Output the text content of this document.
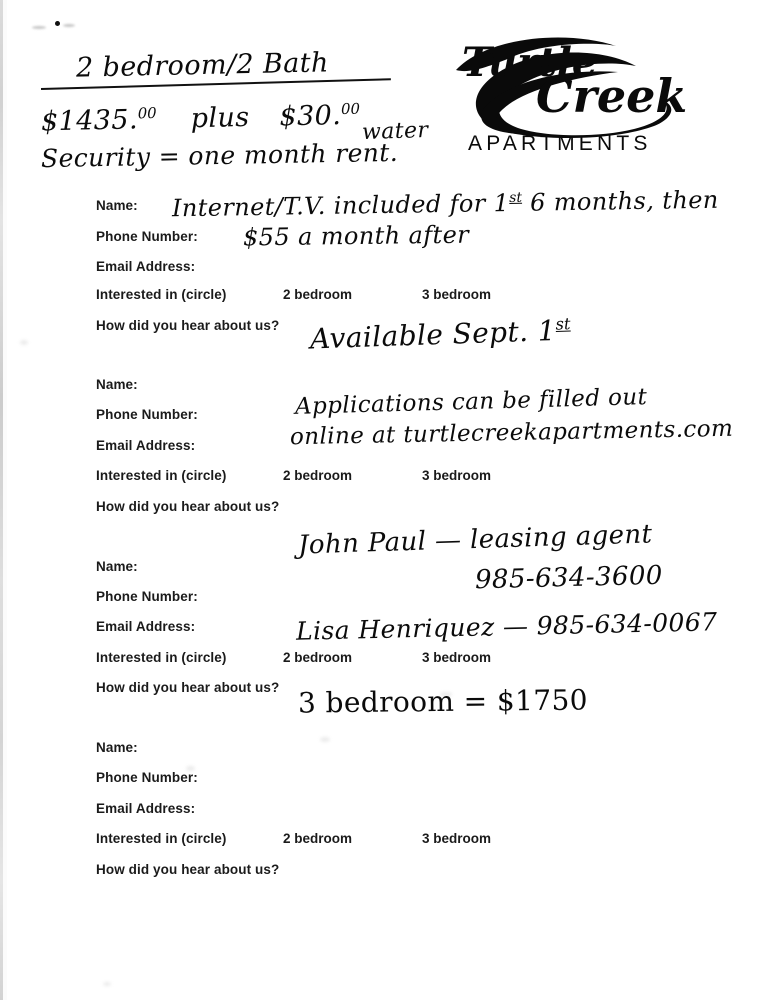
Turtle
Creek
APARTMENTS
2 bedroom/2 Bath
$1435.00 plus $30.00
water
Security = one month rent.
Internet/T.V. included for 1st 6 months, then
$55 a month after
Available Sept. 1st
Applications can be filled out
online at turtlecreekapartments.com
John Paul — leasing agent
985-634-3600
Lisa Henriquez — 985-634-0067
3 bedroom = $1750
Name:
Phone Number:
Email Address:
Interested in (circle)	2 bedroom	3 bedroom
How did you hear about us?
Name:
Phone Number:
Email Address:
Interested in (circle)	2 bedroom	3 bedroom
How did you hear about us?
Name:
Phone Number:
Email Address:
Interested in (circle)	2 bedroom	3 bedroom
How did you hear about us?
Name:
Phone Number:
Email Address:
Interested in (circle)	2 bedroom	3 bedroom
How did you hear about us?
